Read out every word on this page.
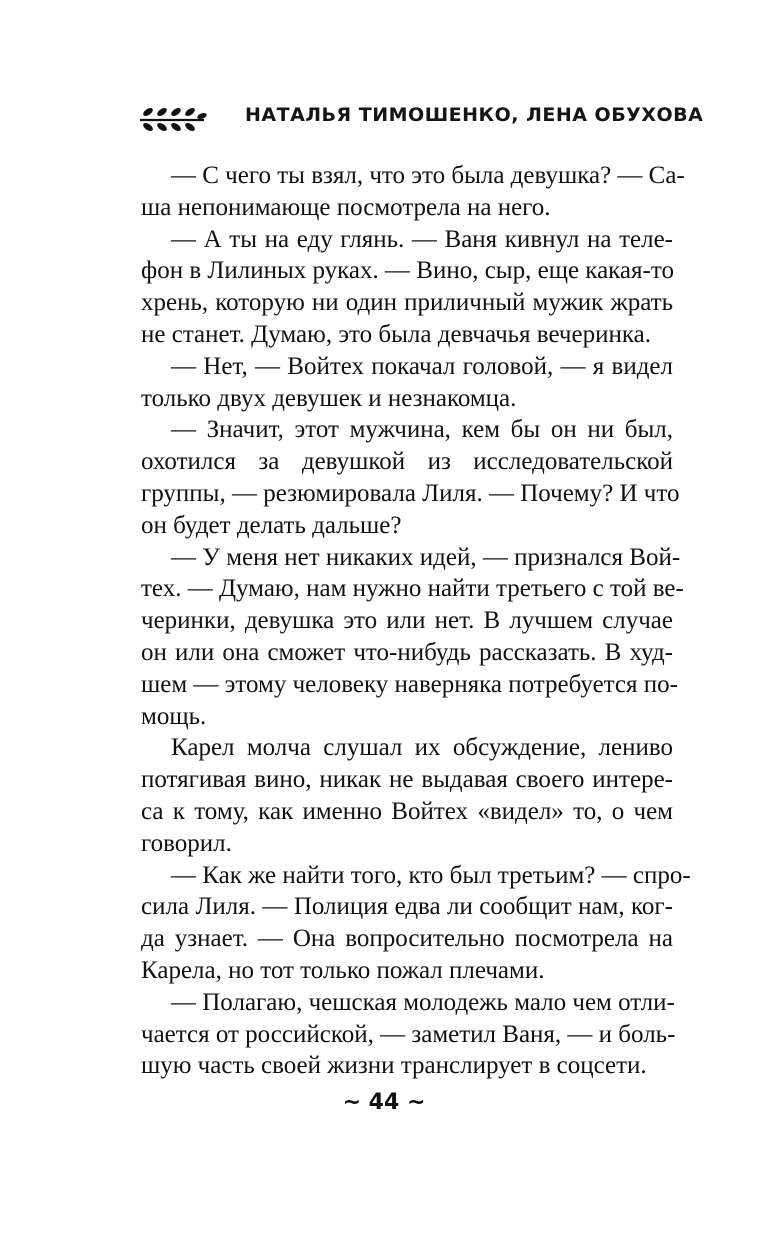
НАТАЛЬЯ ТИМОШЕНКО, ЛЕНА ОБУХОВА
— С чего ты взял, что это была девушка? — Са-
ша непонимающе посмотрела на него.
— А ты на еду глянь. — Ваня кивнул на теле-
фон в Лилиных руках. — Вино, сыр, еще какая-то
хрень, которую ни один приличный мужик жрать
не станет. Думаю, это была девчачья вечеринка.
— Нет, — Войтех покачал головой, — я видел
только двух девушек и незнакомца.
— Значит, этот мужчина, кем бы он ни был,
охотился за девушкой из исследовательской
группы, — резюмировала Лиля. — Почему? И что
он будет делать дальше?
— У меня нет никаких идей, — признался Вой-
тех. — Думаю, нам нужно найти третьего с той ве-
черинки, девушка это или нет. В лучшем случае
он или она сможет что-нибудь рассказать. В худ-
шем — этому человеку наверняка потребуется по-
мощь.
Карел молча слушал их обсуждение, лениво
потягивая вино, никак не выдавая своего интере-
са к тому, как именно Войтех «видел» то, о чем
говорил.
— Как же найти того, кто был третьим? — спро-
сила Лиля. — Полиция едва ли сообщит нам, ког-
да узнает. — Она вопросительно посмотрела на
Карела, но тот только пожал плечами.
— Полагаю, чешская молодежь мало чем отли-
чается от российской, — заметил Ваня, — и боль-
шую часть своей жизни транслирует в соцсети.
~ 44 ~
